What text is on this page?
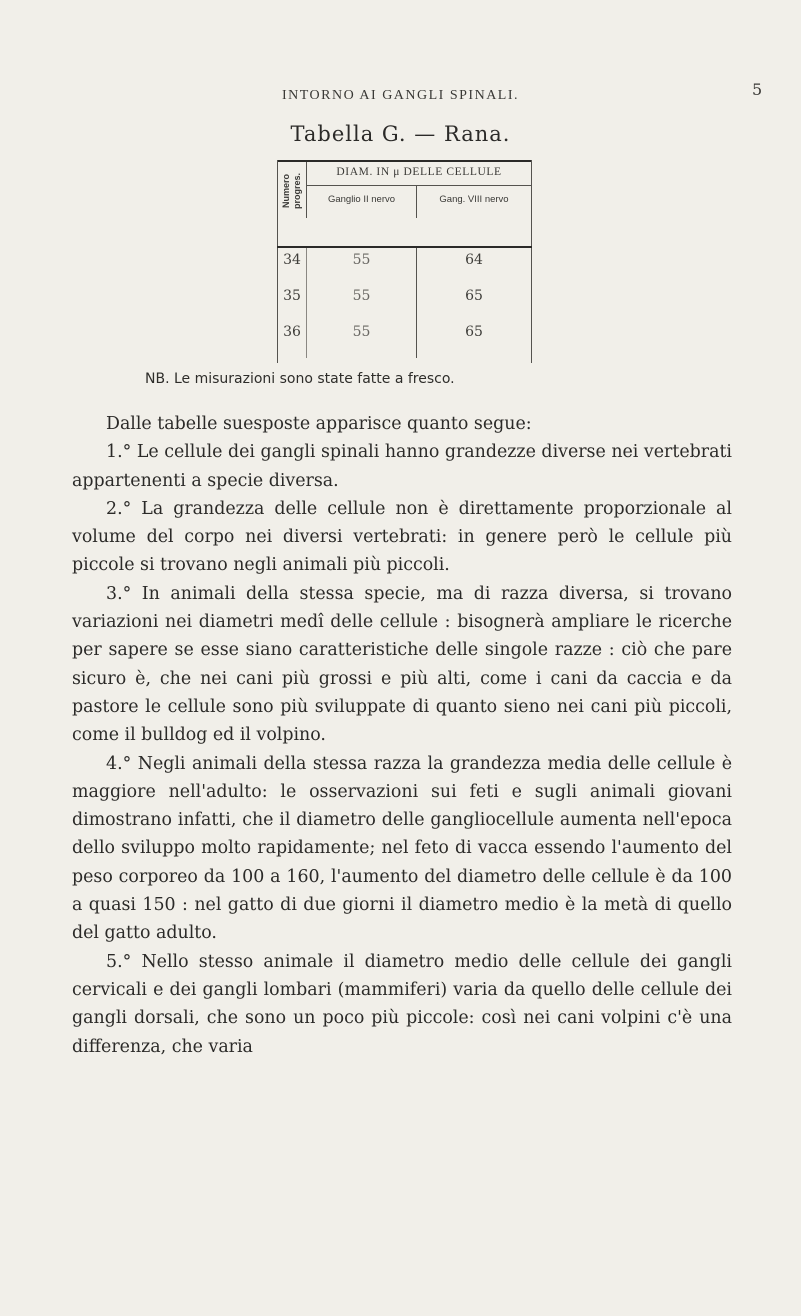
INTORNO AI GANGLI SPINALI.	5
Tabella G. — Rana.
Numero progres.
DIAM. IN μ DELLE CELLULE
Ganglio II nervo	Gang. VIII nervo
34	55	64
35	55	65
36	55	65
NB. Le misurazioni sono state fatte a fresco.

Dalle tabelle suesposte apparisce quanto segue:

1.° Le cellule dei gangli spinali hanno grandezze diverse nei vertebrati appartenenti a specie diversa.

2.° La grandezza delle cellule non è direttamente proporzionale al volume del corpo nei diversi vertebrati: in genere però le cellule più piccole si trovano negli animali più piccoli.

3.° In animali della stessa specie, ma di razza diversa, si trovano variazioni nei diametri medî delle cellule : bisognerà ampliare le ricerche per sapere se esse siano caratteristiche delle singole razze : ciò che pare sicuro è, che nei cani più grossi e più alti, come i cani da caccia e da pastore le cellule sono più sviluppate di quanto sieno nei cani più piccoli, come il bulldog ed il volpino.

4.° Negli animali della stessa razza la grandezza media delle cellule è maggiore nell'adulto: le osservazioni sui feti e sugli animali giovani dimostrano infatti, che il diametro delle gangliocellule aumenta nell'epoca dello sviluppo molto rapidamente; nel feto di vacca essendo l'aumento del peso corporeo da 100 a 160, l'aumento del diametro delle cellule è da 100 a quasi 150 : nel gatto di due giorni il diametro medio è la metà di quello del gatto adulto.

5.° Nello stesso animale il diametro medio delle cellule dei gangli cervicali e dei gangli lombari (mammiferi) varia da quello delle cellule dei gangli dorsali, che sono un poco più piccole: così nei cani volpini c'è una differenza, che varia
